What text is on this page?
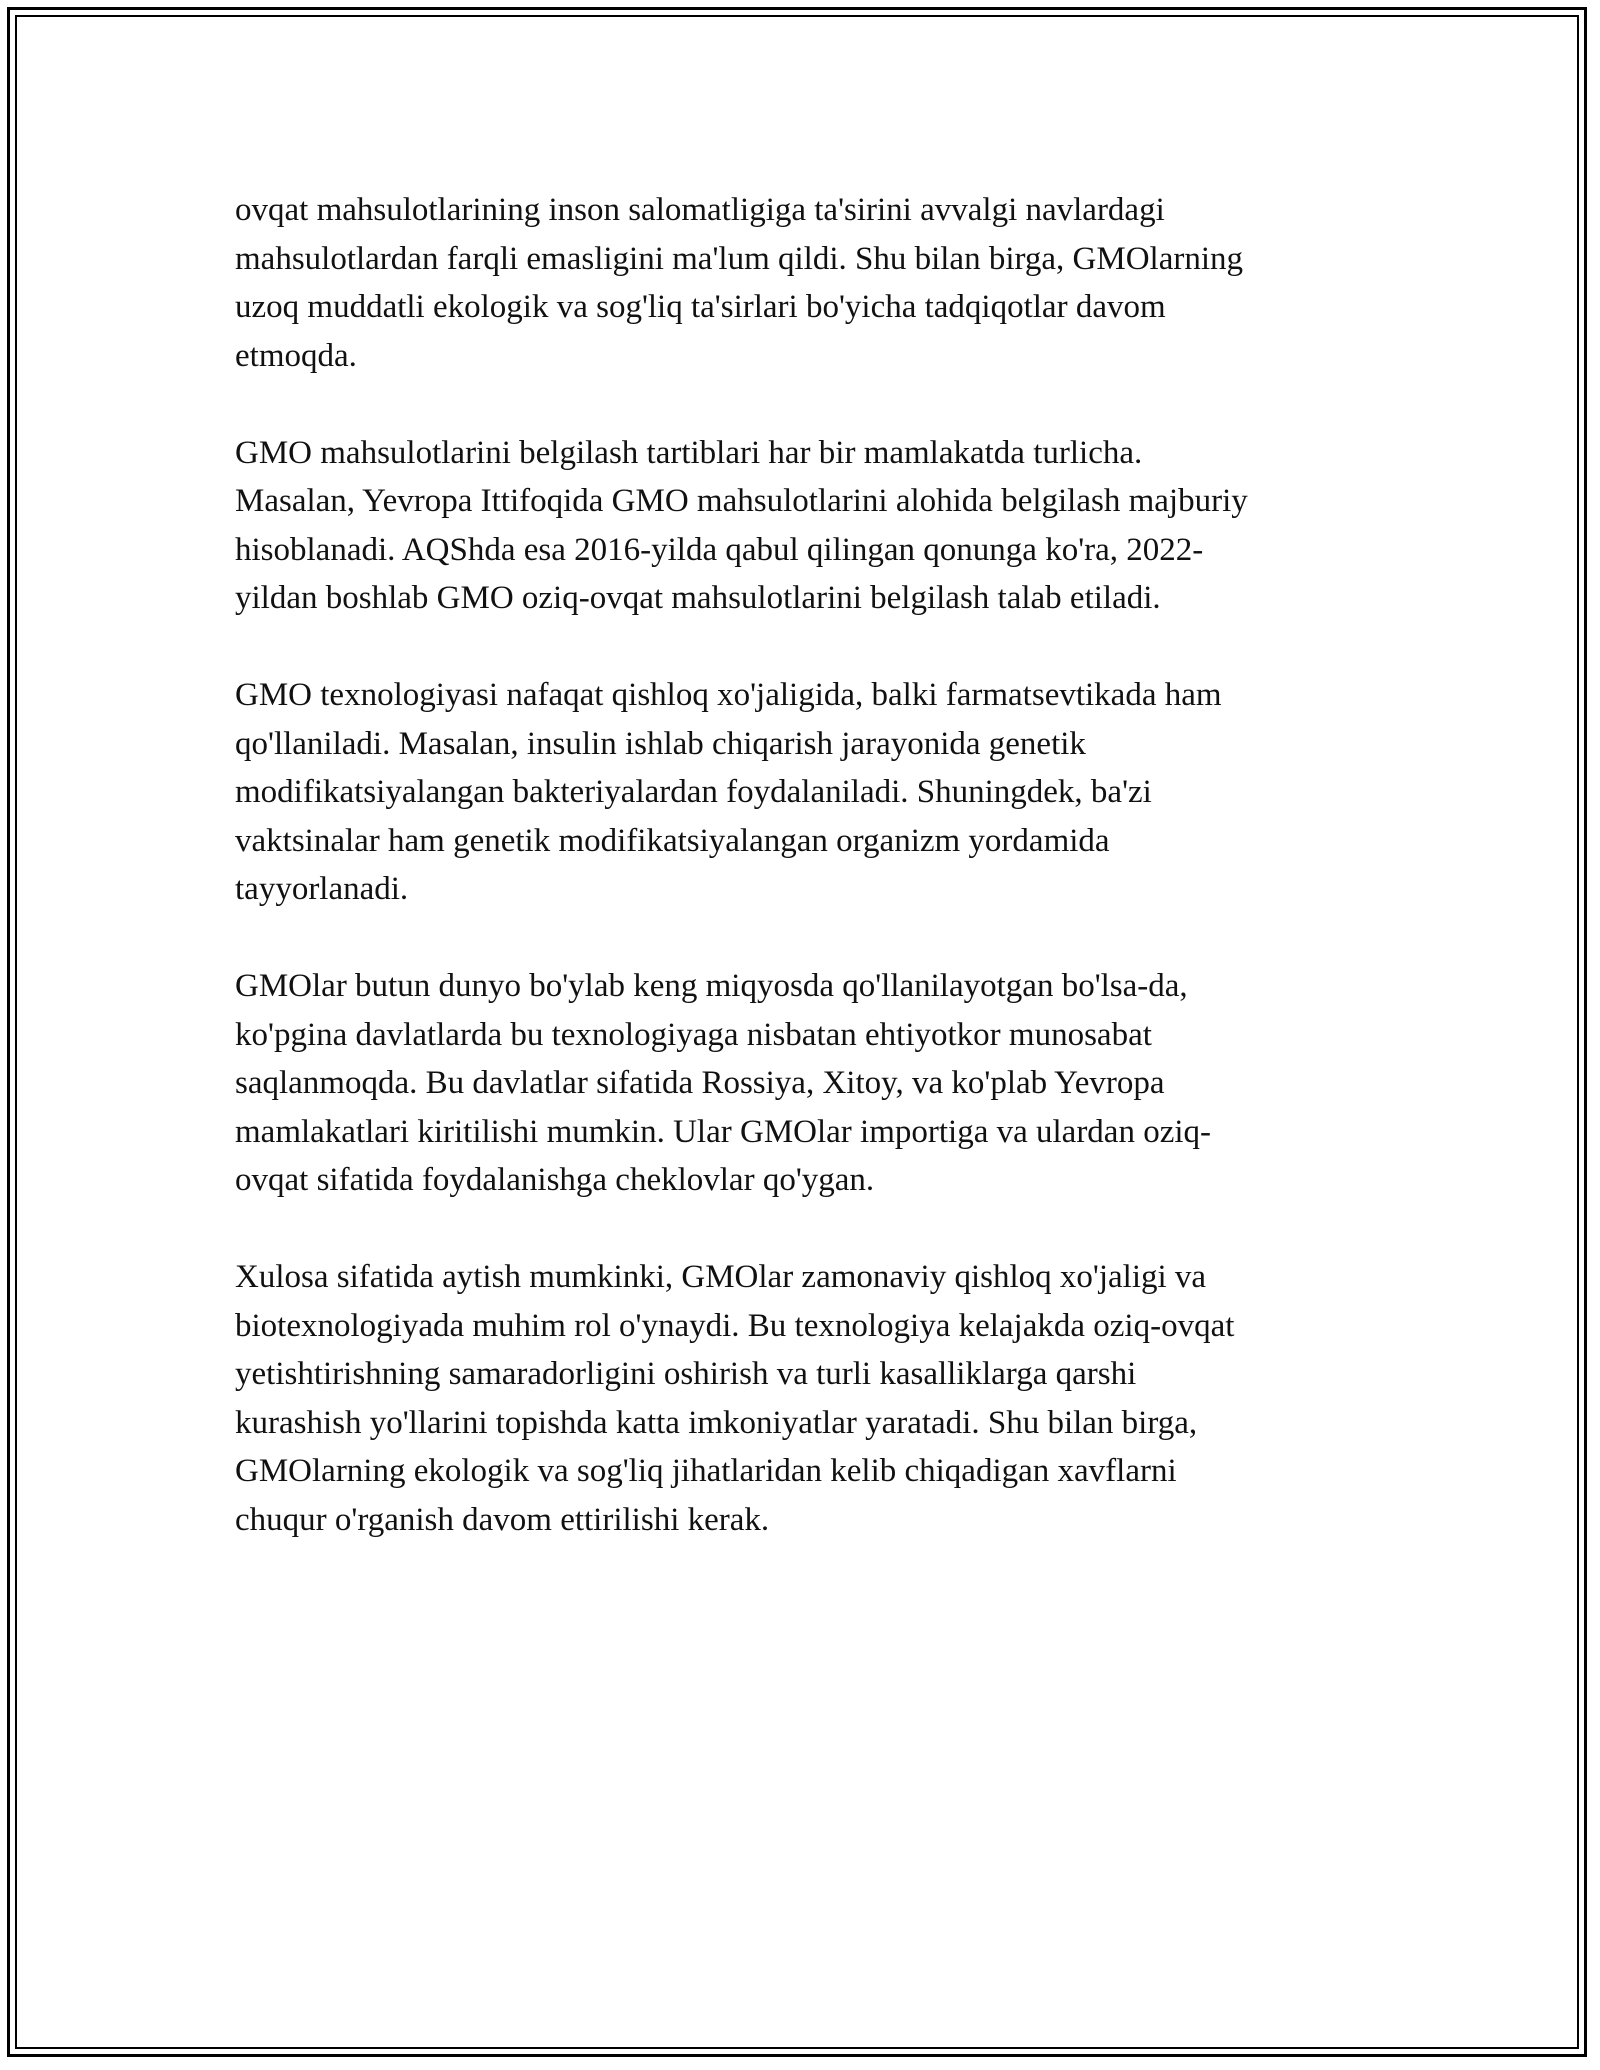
ovqat mahsulotlarining inson salomatligiga ta'sirini avvalgi navlardagi
mahsulotlardan farqli emasligini ma'lum qildi. Shu bilan birga, GMOlarning
uzoq muddatli ekologik va sog'liq ta'sirlari bo'yicha tadqiqotlar davom
etmoqda.

GMO mahsulotlarini belgilash tartiblari har bir mamlakatda turlicha.
Masalan, Yevropa Ittifoqida GMO mahsulotlarini alohida belgilash majburiy
hisoblanadi. AQShda esa 2016-yilda qabul qilingan qonunga ko'ra, 2022-
yildan boshlab GMO oziq-ovqat mahsulotlarini belgilash talab etiladi.

GMO texnologiyasi nafaqat qishloq xo'jaligida, balki farmatsevtikada ham
qo'llaniladi. Masalan, insulin ishlab chiqarish jarayonida genetik
modifikatsiyalangan bakteriyalardan foydalaniladi. Shuningdek, ba'zi
vaktsinalar ham genetik modifikatsiyalangan organizm yordamida
tayyorlanadi.

GMOlar butun dunyo bo'ylab keng miqyosda qo'llanilayotgan bo'lsa-da,
ko'pgina davlatlarda bu texnologiyaga nisbatan ehtiyotkor munosabat
saqlanmoqda. Bu davlatlar sifatida Rossiya, Xitoy, va ko'plab Yevropa
mamlakatlari kiritilishi mumkin. Ular GMOlar importiga va ulardan oziq-
ovqat sifatida foydalanishga cheklovlar qo'ygan.

Xulosa sifatida aytish mumkinki, GMOlar zamonaviy qishloq xo'jaligi va
biotexnologiyada muhim rol o'ynaydi. Bu texnologiya kelajakda oziq-ovqat
yetishtirishning samaradorligini oshirish va turli kasalliklarga qarshi
kurashish yo'llarini topishda katta imkoniyatlar yaratadi. Shu bilan birga,
GMOlarning ekologik va sog'liq jihatlaridan kelib chiqadigan xavflarni
chuqur o'rganish davom ettirilishi kerak.
